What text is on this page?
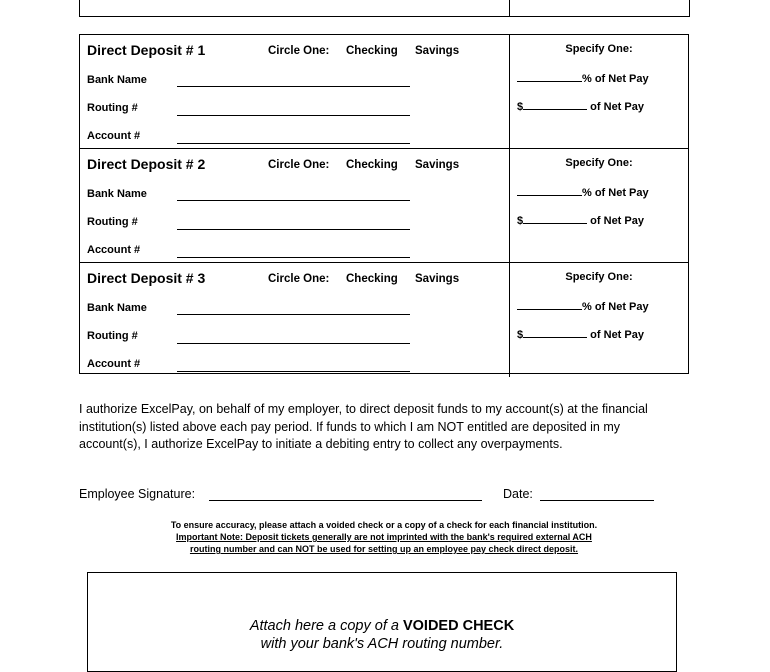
Direct Deposit # 1	Circle One: Checking Savings
Bank Name
Routing #
Account #
Specify One:
% of Net Pay
$	of Net Pay
Direct Deposit # 2	Circle One: Checking Savings
Bank Name
Routing #
Account #
Specify One:
% of Net Pay
$	of Net Pay
Direct Deposit # 3	Circle One: Checking Savings
Bank Name
Routing #
Account #
Specify One:
% of Net Pay
$	of Net Pay

I authorize ExcelPay, on behalf of my employer, to direct deposit funds to my account(s) at the financial institution(s) listed above each pay period. If funds to which I am NOT entitled are deposited in my account(s), I authorize ExcelPay to initiate a debiting entry to collect any overpayments.

Employee Signature:	Date:
To ensure accuracy, please attach a voided check or a copy of a check for each financial institution.
Important Note: Deposit tickets generally are not imprinted with the bank's required external ACH
routing number and can NOT be used for setting up an employee pay check direct deposit.
Attach here a copy of a VOIDED CHECK
with your bank's ACH routing number.
